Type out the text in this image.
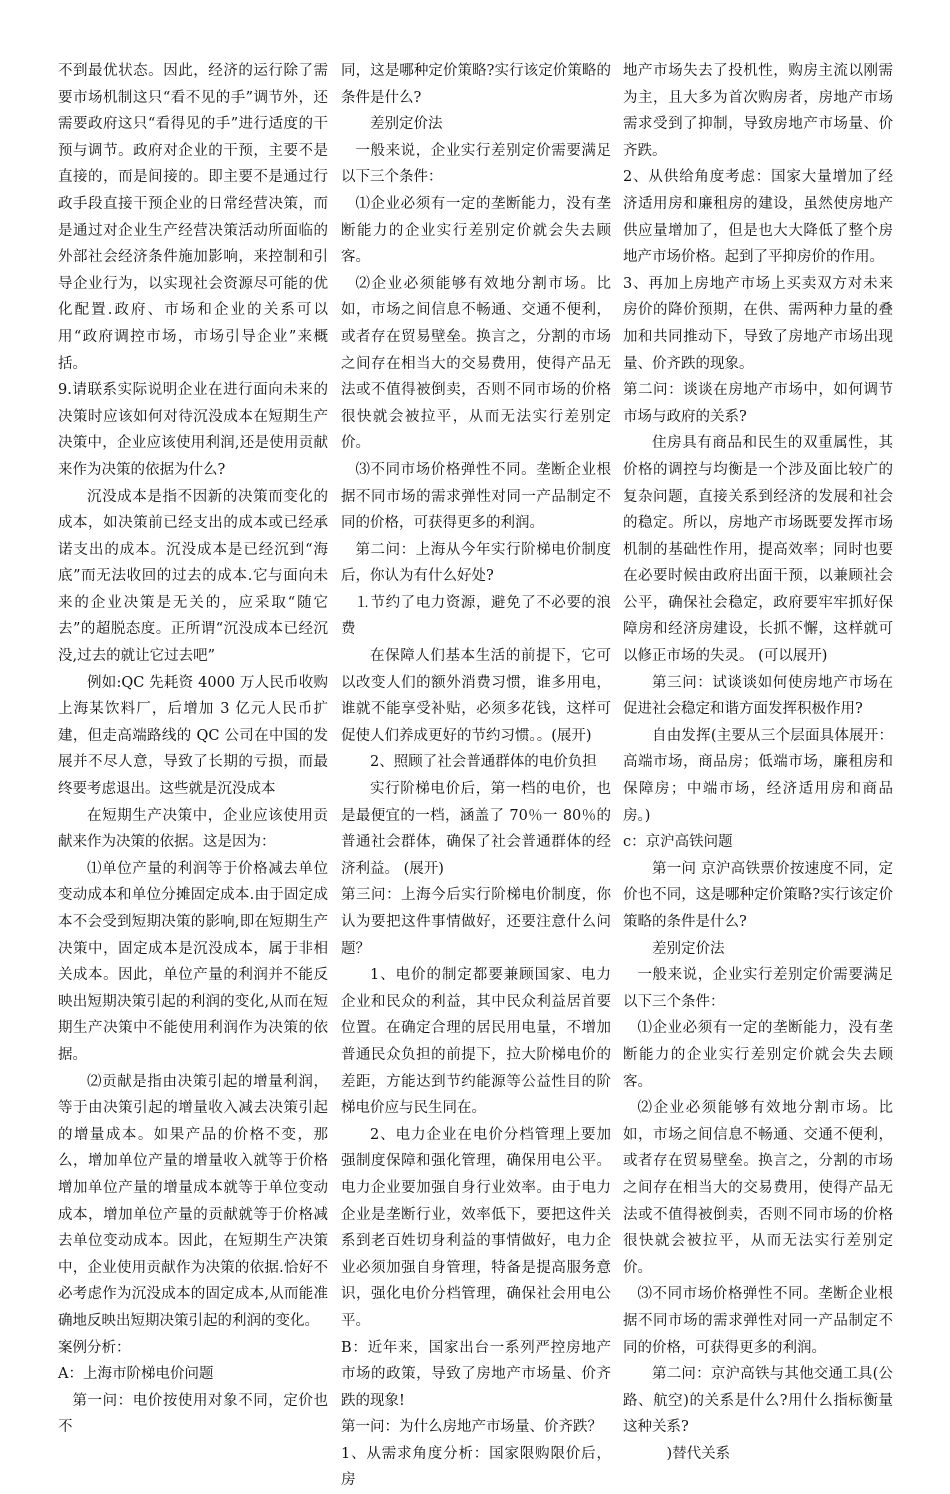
不到最优状态。因此，经济的运行除了需要市场机制这只“看不见的手”调节外，还需要政府这只“看得见的手”进行适度的干预与调节。政府对企业的干预，主要不是直接的，而是间接的。即主要不是通过行政手段直接干预企业的日常经营决策，而是通过对企业生产经营决策活动所面临的外部社会经济条件施加影响，来控制和引导企业行为，以实现社会资源尽可能的优化配置.政府、市场和企业的关系可以用“政府调控市场，市场引导企业”来概括。

9.请联系实际说明企业在进行面向未来的决策时应该如何对待沉没成本在短期生产决策中，企业应该使用利润,还是使用贡献来作为决策的依据为什么?

沉没成本是指不因新的决策而变化的成本，如决策前已经支出的成本或已经承诺支出的成本。沉没成本是已经沉到“海底”而无法收回的过去的成本.它与面向未来的企业决策是无关的，应采取“随它去”的超脱态度。正所谓“沉没成本已经沉没,过去的就让它过去吧”

例如:QC 先耗资 4000 万人民币收购上海某饮料厂，后增加 3 亿元人民币扩建，但走高端路线的 QC 公司在中国的发展并不尽人意，导致了长期的亏损，而最终要考虑退出。这些就是沉没成本

在短期生产决策中，企业应该使用贡献来作为决策的依据。这是因为：

⑴单位产量的利润等于价格减去单位变动成本和单位分摊固定成本.由于固定成本不会受到短期决策的影响,即在短期生产决策中，固定成本是沉没成本，属于非相关成本。因此，单位产量的利润并不能反映出短期决策引起的利润的变化,从而在短期生产决策中不能使用利润作为决策的依据。

⑵贡献是指由决策引起的增量利润，等于由决策引起的增量收入减去决策引起的增量成本。如果产品的价格不变，那么，增加单位产量的增量收入就等于价格增加单位产量的增量成本就等于单位变动成本，增加单位产量的贡献就等于价格减去单位变动成本。因此，在短期生产决策中，企业使用贡献作为决策的依据.恰好不必考虑作为沉没成本的固定成本,从而能准确地反映出短期决策引起的利润的变化。

案例分析：

A：上海市阶梯电价问题

第一问：电价按使用对象不同，定价也不

同，这是哪种定价策略?实行该定价策略的条件是什么?

差别定价法

一般来说，企业实行差别定价需要满足以下三个条件：

⑴企业必须有一定的垄断能力，没有垄断能力的企业实行差别定价就会失去顾客。

⑵企业必须能够有效地分割市场。比如，市场之间信息不畅通、交通不便利，或者存在贸易壁垒。换言之，分割的市场之间存在相当大的交易费用，使得产品无法或不值得被倒卖，否则不同市场的价格很快就会被拉平，从而无法实行差别定价。

⑶不同市场价格弹性不同。垄断企业根据不同市场的需求弹性对同一产品制定不同的价格，可获得更多的利润。

第二问：上海从今年实行阶梯电价制度后，你认为有什么好处?

⒈节约了电力资源，避免了不必要的浪费

在保障人们基本生活的前提下，它可以改变人们的额外消费习惯，谁多用电，谁就不能享受补贴，必须多花钱，这样可促使人们养成更好的节约习惯。。(展开)

2、照顾了社会普通群体的电价负担

实行阶梯电价后，第一档的电价，也是最便宜的一档，涵盖了 70％一 80％的普通社会群体，确保了社会普通群体的经济利益。 (展开)

第三问：上海今后实行阶梯电价制度，你认为要把这件事情做好，还要注意什么问题？

1、电价的制定都要兼顾国家、电力企业和民众的利益，其中民众利益居首要位置。在确定合理的居民用电量，不增加普通民众负担的前提下，拉大阶梯电价的差距，方能达到节约能源等公益性目的阶梯电价应与民生同在。

2、电力企业在电价分档管理上要加强制度保障和强化管理，确保用电公平。电力企业要加强自身行业效率。由于电力企业是垄断行业，效率低下，要把这件关系到老百姓切身利益的事情做好，电力企业必须加强自身管理，特备是提高服务意识，强化电价分档管理，确保社会用电公平。

B：近年来，国家出台一系列严控房地产市场的政策，导致了房地产市场量、价齐跌的现象!

第一问：为什么房地产市场量、价齐跌？

1、从需求角度分析：国家限购限价后，房

地产市场失去了投机性，购房主流以刚需为主，且大多为首次购房者，房地产市场需求受到了抑制，导致房地产市场量、价齐跌。

2、从供给角度考虑：国家大量增加了经济适用房和廉租房的建设，虽然使房地产供应量增加了，但是也大大降低了整个房地产市场价格。起到了平抑房价的作用。

3、再加上房地产市场上买卖双方对未来房价的降价预期，在供、需两种力量的叠加和共同推动下，导致了房地产市场出现量、价齐跌的现象。

第二问：谈谈在房地产市场中，如何调节市场与政府的关系?

住房具有商品和民生的双重属性，其价格的调控与均衡是一个涉及面比较广的复杂问题，直接关系到经济的发展和社会的稳定。所以，房地产市场既要发挥市场机制的基础性作用，提高效率；同时也要在必要时候由政府出面干预，以兼顾社会公平，确保社会稳定，政府要牢牢抓好保障房和经济房建设，长抓不懈，这样就可以修正市场的失灵。 (可以展开)

第三问：试谈谈如何使房地产市场在促进社会稳定和谐方面发挥积极作用?

自由发挥(主要从三个层面具体展开：高端市场，商品房；低端市场，廉租房和保障房；中端市场，经济适用房和商品房。)

c：京沪高铁问题

第一问 京沪高铁票价按速度不同，定价也不同，这是哪种定价策略?实行该定价策略的条件是什么?

差别定价法

一般来说，企业实行差别定价需要满足以下三个条件：

⑴企业必须有一定的垄断能力，没有垄断能力的企业实行差别定价就会失去顾客。

⑵企业必须能够有效地分割市场。比如，市场之间信息不畅通、交通不便利，或者存在贸易壁垒。换言之，分割的市场之间存在相当大的交易费用，使得产品无法或不值得被倒卖，否则不同市场的价格很快就会被拉平，从而无法实行差别定价。

⑶不同市场价格弹性不同。垄断企业根据不同市场的需求弹性对同一产品制定不同的价格，可获得更多的利润。

第二问：京沪高铁与其他交通工具(公路、航空)的关系是什么?用什么指标衡量这种关系?

)替代关系
